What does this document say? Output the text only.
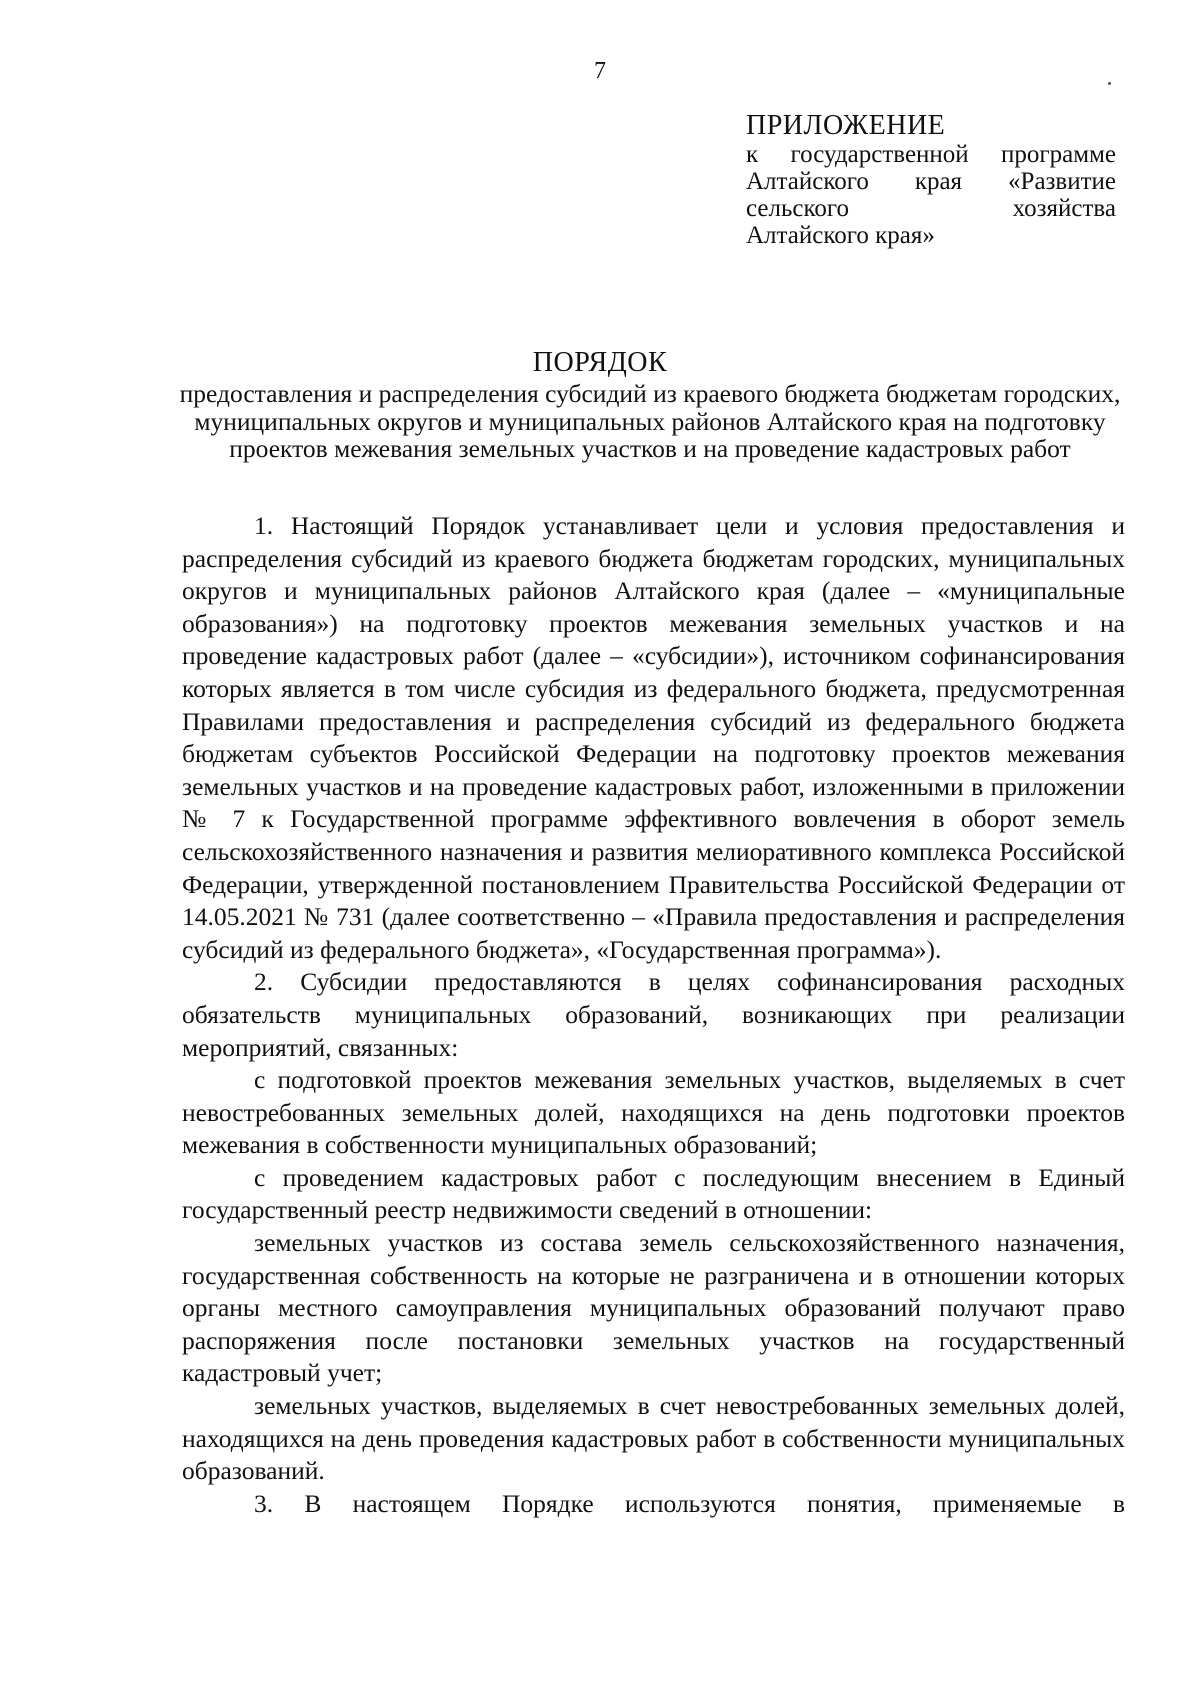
7
ПРИЛОЖЕНИЕ
к государственной программе
Алтайского края «Развитие
сельского хозяйства
Алтайского края»
ПОРЯДОК
предоставления и распределения субсидий из краевого бюджета бюджетам городских, муниципальных округов и муниципальных районов Алтайского края на подготовку проектов межевания земельных участков и на проведение кадастровых работ

1. Настоящий Порядок устанавливает цели и условия предоставления и распределения субсидий из краевого бюджета бюджетам городских, муниципальных округов и муниципальных районов Алтайского края (далее – «муниципальные образования») на подготовку проектов межевания земельных участков и на проведение кадастровых работ (далее – «субсидии»), источником софинансирования которых является в том числе субсидия из федерального бюджета, предусмотренная Правилами предоставления и распределения субсидий из федерального бюджета бюджетам субъектов Российской Федерации на подготовку проектов межевания земельных участков и на проведение кадастровых работ, изложенными в приложении № 7 к Государственной программе эффективного вовлечения в оборот земель сельскохозяйственного назначения и развития мелиоративного комплекса Российской Федерации, утвержденной постановлением Правительства Российской Федерации от 14.05.2021 № 731 (далее соответственно – «Правила предоставления и распределения субсидий из федерального бюджета», «Государственная программа»).

2. Субсидии предоставляются в целях софинансирования расходных обязательств муниципальных образований, возникающих при реализации мероприятий, связанных:

с подготовкой проектов межевания земельных участков, выделяемых в счет невостребованных земельных долей, находящихся на день подготовки проектов межевания в собственности муниципальных образований;

с проведением кадастровых работ с последующим внесением в Единый государственный реестр недвижимости сведений в отношении:

земельных участков из состава земель сельскохозяйственного назначения, государственная собственность на которые не разграничена и в отношении которых органы местного самоуправления муниципальных образований получают право распоряжения после постановки земельных участков на государственный кадастровый учет;

земельных участков, выделяемых в счет невостребованных земельных долей, находящихся на день проведения кадастровых работ в собственности муниципальных образований.

3. В настоящем Порядке используются понятия, применяемые в
